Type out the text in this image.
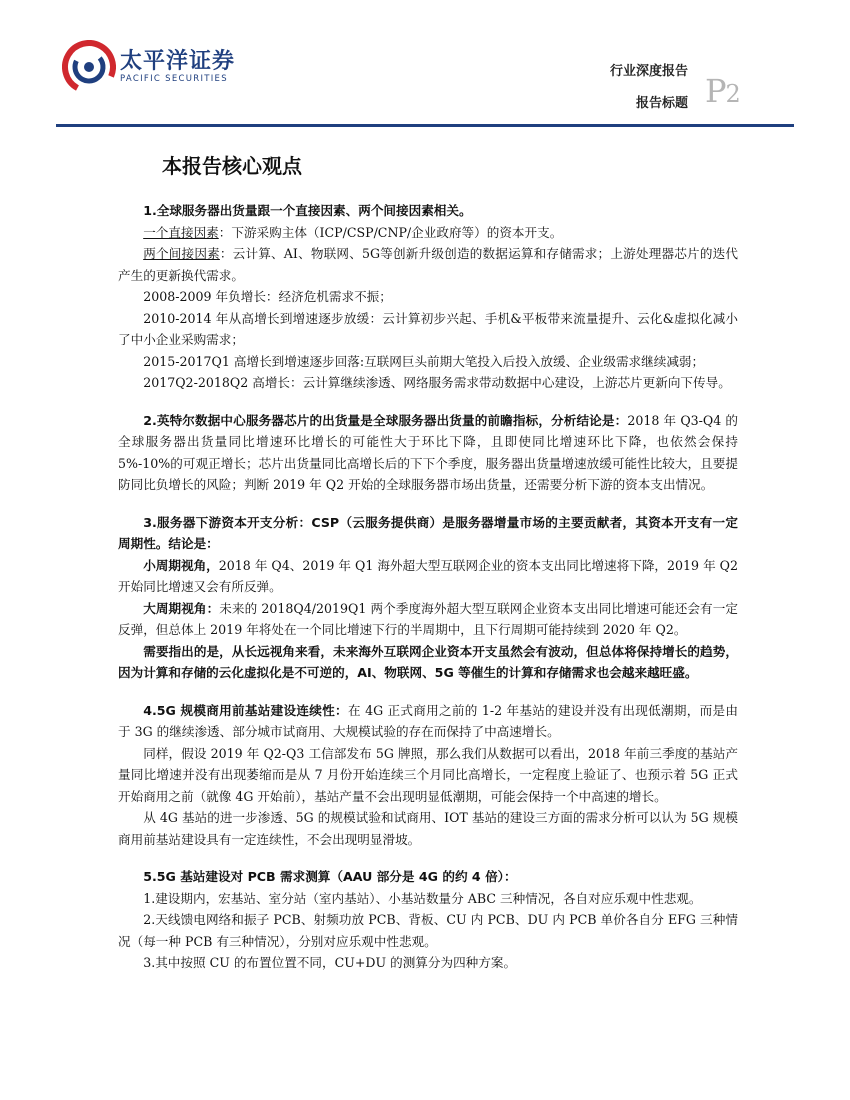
太平洋证券
PACIFIC SECURITIES	行业深度报告
报告标题 P2
本报告核心观点

1.全球服务器出货量跟一个直接因素、两个间接因素相关。

一个直接因素：下游采购主体（ICP/CSP/CNP/企业政府等）的资本开支。

两个间接因素：云计算、AI、物联网、5G等创新升级创造的数据运算和存储需求；上游处理器芯片的迭代产生的更新换代需求。

2008-2009 年负增长：经济危机需求不振；

2010-2014 年从高增长到增速逐步放缓：云计算初步兴起、手机&平板带来流量提升、云化&虚拟化减小了中小企业采购需求；

2015-2017Q1 高增长到增速逐步回落:互联网巨头前期大笔投入后投入放缓、企业级需求继续减弱；

2017Q2-2018Q2 高增长：云计算继续渗透、网络服务需求带动数据中心建设，上游芯片更新向下传导。

2.英特尔数据中心服务器芯片的出货量是全球服务器出货量的前瞻指标，分析结论是：2018 年 Q3-Q4 的全球服务器出货量同比增速环比增长的可能性大于环比下降，且即使同比增速环比下降，也依然会保持 5%-10%的可观正增长；芯片出货量同比高增长后的下下个季度，服务器出货量增速放缓可能性比较大，且要提防同比负增长的风险；判断 2019 年 Q2 开始的全球服务器市场出货量，还需要分析下游的资本支出情况。

3.服务器下游资本开支分析：CSP（云服务提供商）是服务器增量市场的主要贡献者，其资本开支有一定周期性。结论是：

小周期视角，2018 年 Q4、2019 年 Q1 海外超大型互联网企业的资本支出同比增速将下降，2019 年 Q2 开始同比增速又会有所反弹。

大周期视角：未来的 2018Q4/2019Q1 两个季度海外超大型互联网企业资本支出同比增速可能还会有一定反弹，但总体上 2019 年将处在一个同比增速下行的半周期中，且下行周期可能持续到 2020 年 Q2。

需要指出的是，从长远视角来看，未来海外互联网企业资本开支虽然会有波动，但总体将保持增长的趋势，因为计算和存储的云化虚拟化是不可逆的，AI、物联网、5G 等催生的计算和存储需求也会越来越旺盛。

4.5G 规模商用前基站建设连续性：在 4G 正式商用之前的 1-2 年基站的建设并没有出现低潮期，而是由于 3G 的继续渗透、部分城市试商用、大规模试验的存在而保持了中高速增长。

同样，假设 2019 年 Q2-Q3 工信部发布 5G 牌照，那么我们从数据可以看出，2018 年前三季度的基站产量同比增速并没有出现萎缩而是从 7 月份开始连续三个月同比高增长，一定程度上验证了、也预示着 5G 正式开始商用之前（就像 4G 开始前），基站产量不会出现明显低潮期，可能会保持一个中高速的增长。

从 4G 基站的进一步渗透、5G 的规模试验和试商用、IOT 基站的建设三方面的需求分析可以认为 5G 规模商用前基站建设具有一定连续性，不会出现明显滑坡。

5.5G 基站建设对 PCB 需求测算（AAU 部分是 4G 的约 4 倍）：

1.建设期内，宏基站、室分站（室内基站）、小基站数量分 ABC 三种情况，各自对应乐观中性悲观。

2.天线馈电网络和振子 PCB、射频功放 PCB、背板、CU 内 PCB、DU 内 PCB 单价各自分 EFG 三种情况（每一种 PCB 有三种情况），分别对应乐观中性悲观。

3.其中按照 CU 的布置位置不同，CU+DU 的测算分为四种方案。
